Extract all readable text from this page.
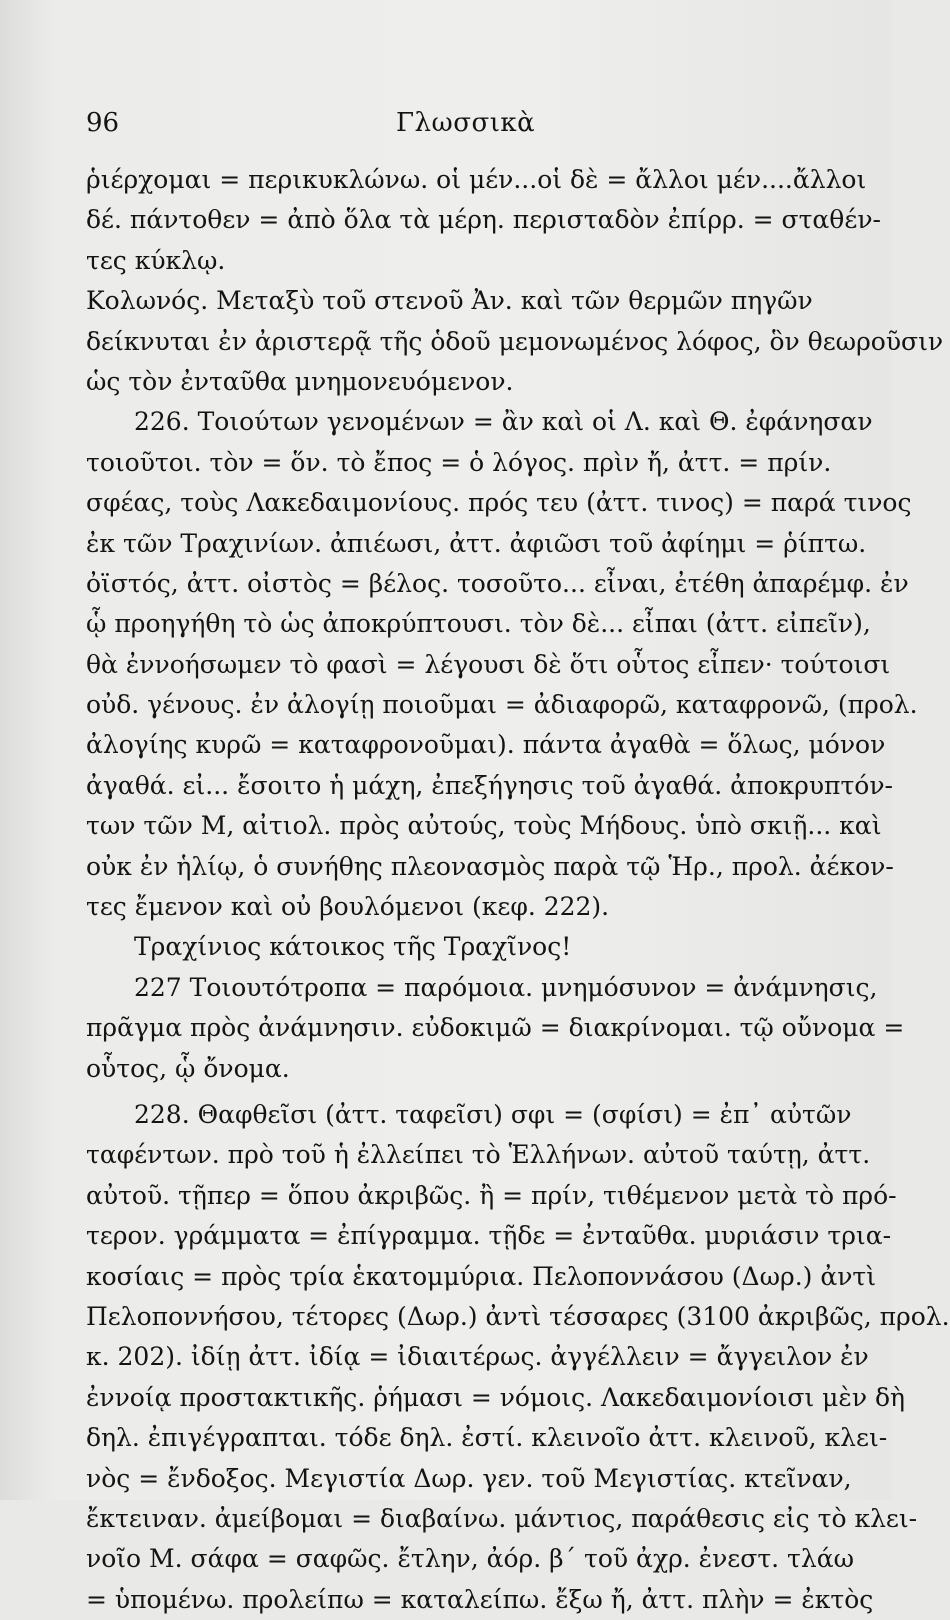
96	Γλωσσικὰ
ῥιέρχομαι = περικυκλώνω. οἱ μέν...οἱ δὲ = ἄλλοι μέν....ἄλλοι
δέ. πάντοθεν = ἀπὸ ὅλα τὰ μέρη. περισταδὸν ἐπίρρ. = σταθέν-
τες κύκλῳ.
Κολωνός. Μεταξὺ τοῦ στενοῦ Ἀν. καὶ τῶν θερμῶν πηγῶν
δείκνυται ἐν ἀριστερᾷ τῆς ὁδοῦ μεμονωμένος λόφος, ὃν θεωροῦσιν
ὡς τὸν ἐνταῦθα μνημονευόμενον.
226. Τοιούτων γενομένων = ἂν καὶ οἱ Λ. καὶ Θ. ἐφάνησαν
τοιοῦτοι. τὸν = ὅν. τὸ ἔπος = ὁ λόγος. πρὶν ἤ, ἀττ. = πρίν.
σφέας, τοὺς Λακεδαιμονίους. πρός τευ (ἀττ. τινος) = παρά τινος
ἐκ τῶν Τραχινίων. ἀπιέωσι, ἀττ. ἀφιῶσι τοῦ ἀφίημι = ῥίπτω.
ὀϊστός, ἀττ. οἰστὸς = βέλος. τοσοῦτο... εἶναι, ἐτέθη ἀπαρέμφ. ἐν
ᾧ προηγήθη τὸ ὡς ἀποκρύπτουσι. τὸν δὲ... εἶπαι (ἀττ. εἰπεῖν),
θὰ ἐννοήσωμεν τὸ φασὶ = λέγουσι δὲ ὅτι οὗτος εἶπεν· τούτοισι
οὐδ. γένους. ἐν ἀλογίῃ ποιοῦμαι = ἀδιαφορῶ, καταφρονῶ, (προλ.
ἀλογίης κυρῶ = καταφρονοῦμαι). πάντα ἀγαθὰ = ὅλως, μόνον
ἀγαθά. εἰ... ἔσοιτο ἡ μάχη, ἐπεξήγησις τοῦ ἀγαθά. ἀποκρυπτόν-
των τῶν Μ, αἰτιολ. πρὸς αὐτούς, τοὺς Μήδους. ὑπὸ σκιῇ... καὶ
οὐκ ἐν ἡλίῳ, ὁ συνήθης πλεονασμὸς παρὰ τῷ Ἡρ., προλ. ἀέκον-
τες ἔμενον καὶ οὐ βουλόμενοι (κεφ. 222).
Τραχίνιος κάτοικος τῆς Τραχῖνος!
227 Τοιουτότροπα = παρόμοια. μνημόσυνον = ἀνάμνησις,
πρᾶγμα πρὸς ἀνάμνησιν. εὐδοκιμῶ = διακρίνομαι. τῷ οὔνομα =
οὗτος, ᾧ ὄνομα.
228. Θαφθεῖσι (ἀττ. ταφεῖσι) σφι = (σφίσι) = ἐπ᾽ αὐτῶν
ταφέντων. πρὸ τοῦ ἡ ἐλλείπει τὸ Ἑλλήνων. αὐτοῦ ταύτῃ, ἀττ.
αὐτοῦ. τῇπερ = ὅπου ἀκριβῶς. ἢ = πρίν, τιθέμενον μετὰ τὸ πρό-
τερον. γράμματα = ἐπίγραμμα. τῇδε = ἐνταῦθα. μυριάσιν τρια-
κοσίαις = πρὸς τρία ἑκατομμύρια. Πελοποννάσου (Δωρ.) ἀντὶ
Πελοποννήσου, τέτορες (Δωρ.) ἀντὶ τέσσαρες (3100 ἀκριβῶς, προλ.
κ. 202). ἰδίῃ ἀττ. ἰδίᾳ = ἰδιαιτέρως. ἀγγέλλειν = ἄγγειλον ἐν
ἐννοίᾳ προστακτικῆς. ῥήμασι = νόμοις. Λακεδαιμονίοισι μὲν δὴ
δηλ. ἐπιγέγραπται. τόδε δηλ. ἐστί. κλεινοῖο ἀττ. κλεινοῦ, κλει-
νὸς = ἔνδοξος. Μεγιστία Δωρ. γεν. τοῦ Μεγιστίας. κτεῖναν,
ἔκτειναν. ἀμείβομαι = διαβαίνω. μάντιος, παράθεσις εἰς τὸ κλει-
νοῖο Μ. σάφα = σαφῶς. ἔτλην, ἀόρ. β΄ τοῦ ἀχρ. ἐνεστ. τλάω
= ὑπομένω. προλείπω = καταλείπω. ἔξω ἤ, ἀττ. πλὴν = ἐκτὸς
